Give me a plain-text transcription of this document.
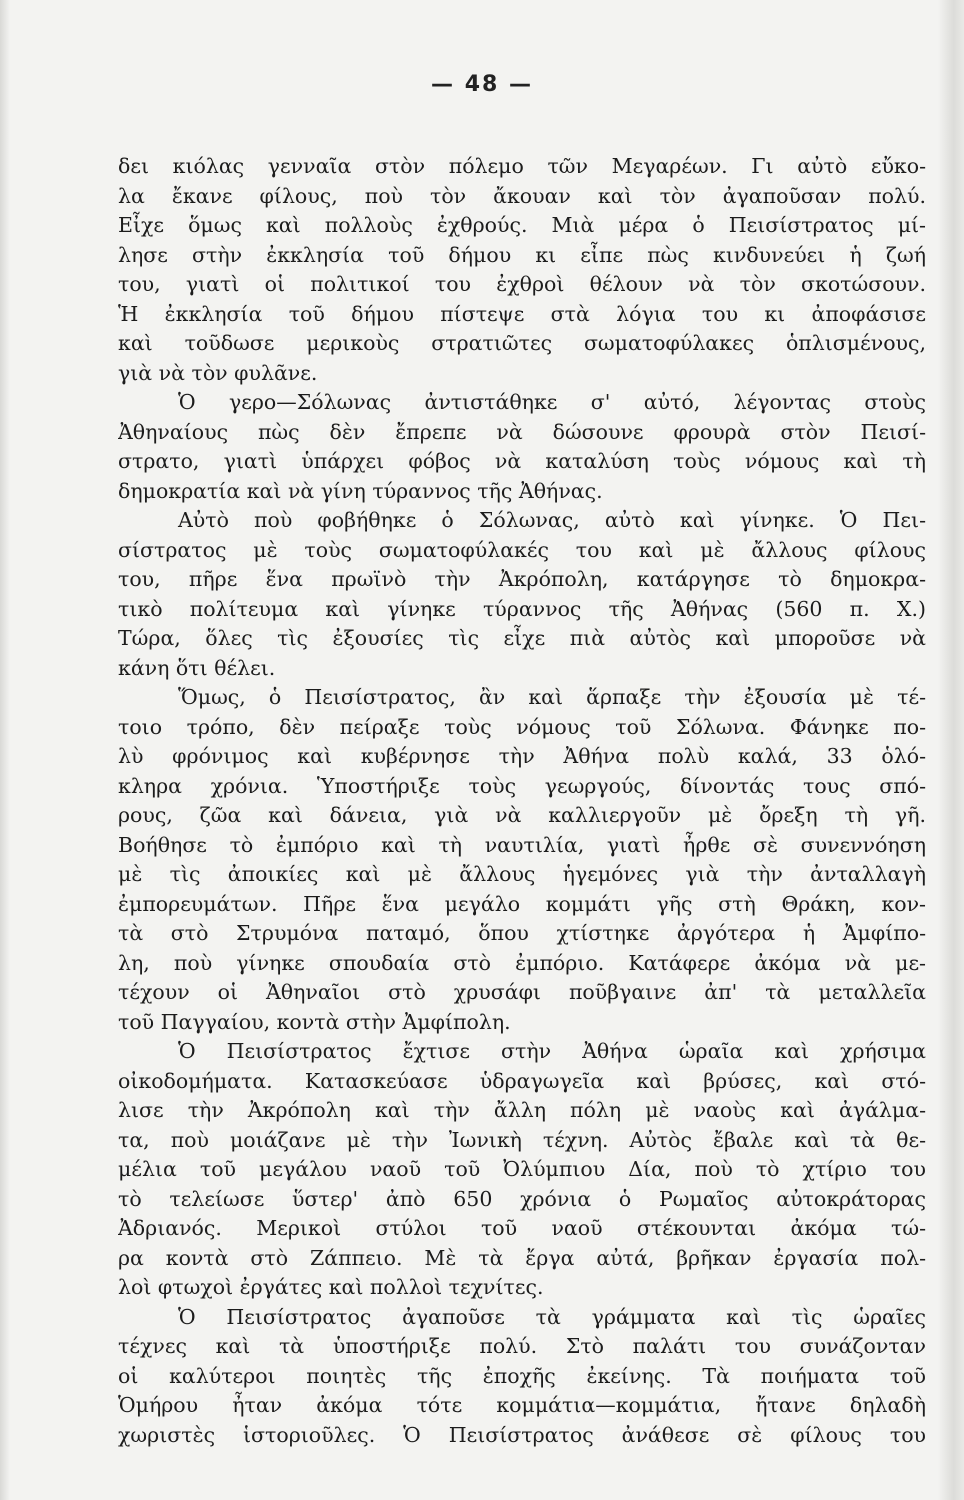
— 48 —
δει κιόλας γενναῖα στὸν πόλεμο τῶν Μεγαρέων. Γι αὐτὸ εὔκο-
λα ἔκανε φίλους, ποὺ τὸν ἄκουαν καὶ τὸν ἀγαποῦσαν πολύ.
Εἶχε ὅμως καὶ πολλοὺς ἐχθρούς. Μιὰ μέρα ὁ Πεισίστρατος μί-
λησε στὴν ἐκκλησία τοῦ δήμου κι εἶπε πὼς κινδυνεύει ἡ ζωή
του, γιατὶ οἱ πολιτικοί του ἐχθροὶ θέλουν νὰ τὸν σκοτώσουν.
Ἡ ἐκκλησία τοῦ δήμου πίστεψε στὰ λόγια του κι ἀποφάσισε
καὶ τοῦδωσε μερικοὺς στρατιῶτες σωματοφύλακες ὁπλισμένους,
γιὰ νὰ τὸν φυλᾶνε.
Ὁ γερο—Σόλωνας ἀντιστάθηκε σ' αὐτό, λέγοντας στοὺς
Ἀθηναίους πὼς δὲν ἔπρεπε νὰ δώσουνε φρουρὰ στὸν Πεισί-
στρατο, γιατὶ ὑπάρχει φόβος νὰ καταλύση τοὺς νόμους καὶ τὴ
δημοκρατία καὶ νὰ γίνη τύραννος τῆς Ἀθήνας.
Αὐτὸ ποὺ φοβήθηκε ὁ Σόλωνας, αὐτὸ καὶ γίνηκε. Ὁ Πει-
σίστρατος μὲ τοὺς σωματοφύλακές του καὶ μὲ ἄλλους φίλους
του, πῆρε ἕνα πρωϊνὸ τὴν Ἀκρόπολη, κατάργησε τὸ δημοκρα-
τικὸ πολίτευμα καὶ γίνηκε τύραννος τῆς Ἀθήνας (560 π. Χ.)
Τώρα, ὅλες τὶς ἐξουσίες τὶς εἶχε πιὰ αὐτὸς καὶ μποροῦσε νὰ
κάνη ὅτι θέλει.
Ὅμως, ὁ Πεισίστρατος, ἂν καὶ ἅρπαξε τὴν ἐξουσία μὲ τέ-
τοιο τρόπο, δὲν πείραξε τοὺς νόμους τοῦ Σόλωνα. Φάνηκε πο-
λὺ φρόνιμος καὶ κυβέρνησε τὴν Ἀθήνα πολὺ καλά, 33 ὁλό-
κληρα χρόνια. Ὑποστήριξε τοὺς γεωργούς, δίνοντάς τους σπό-
ρους, ζῶα καὶ δάνεια, γιὰ νὰ καλλιεργοῦν μὲ ὄρεξη τὴ γῆ.
Βοήθησε τὸ ἐμπόριο καὶ τὴ ναυτιλία, γιατὶ ἦρθε σὲ συνεννόηση
μὲ τὶς ἀποικίες καὶ μὲ ἄλλους ἡγεμόνες γιὰ τὴν ἀνταλλαγὴ
ἐμπορευμάτων. Πῆρε ἕνα μεγάλο κομμάτι γῆς στὴ Θράκη, κον-
τὰ στὸ Στρυμόνα παταμό, ὅπου χτίστηκε ἀργότερα ἡ Ἀμφίπο-
λη, ποὺ γίνηκε σπουδαία στὸ ἐμπόριο. Κατάφερε ἀκόμα νὰ με-
τέχουν οἱ Ἀθηναῖοι στὸ χρυσάφι ποῦβγαινε ἀπ' τὰ μεταλλεῖα
τοῦ Παγγαίου, κοντὰ στὴν Ἀμφίπολη.
Ὁ Πεισίστρατος ἔχτισε στὴν Ἀθήνα ὡραῖα καὶ χρήσιμα
οἰκοδομήματα. Κατασκεύασε ὑδραγωγεῖα καὶ βρύσες, καὶ στό-
λισε τὴν Ἀκρόπολη καὶ τὴν ἄλλη πόλη μὲ ναοὺς καὶ ἀγάλμα-
τα, ποὺ μοιάζανε μὲ τὴν Ἰωνικὴ τέχνη. Αὐτὸς ἔβαλε καὶ τὰ θε-
μέλια τοῦ μεγάλου ναοῦ τοῦ Ὀλύμπιου Δία, ποὺ τὸ χτίριο του
τὸ τελείωσε ὕστερ' ἀπὸ 650 χρόνια ὁ Ρωμαῖος αὐτοκράτορας
Ἀδριανός. Μερικοὶ στύλοι τοῦ ναοῦ στέκουνται ἀκόμα τώ-
ρα κοντὰ στὸ Ζάππειο. Μὲ τὰ ἔργα αὐτά, βρῆκαν ἐργασία πολ-
λοὶ φτωχοὶ ἐργάτες καὶ πολλοὶ τεχνίτες.
Ὁ Πεισίστρατος ἀγαποῦσε τὰ γράμματα καὶ τὶς ὡραῖες
τέχνες καὶ τὰ ὑποστήριξε πολύ. Στὸ παλάτι του συνάζονταν
οἱ καλύτεροι ποιητὲς τῆς ἐποχῆς ἐκείνης. Τὰ ποιήματα τοῦ
Ὁμήρου ἦταν ἀκόμα τότε κομμάτια—κομμάτια, ἤτανε δηλαδὴ
χωριστὲς ἱστοριοῦλες. Ὁ Πεισίστρατος ἀνάθεσε σὲ φίλους του
